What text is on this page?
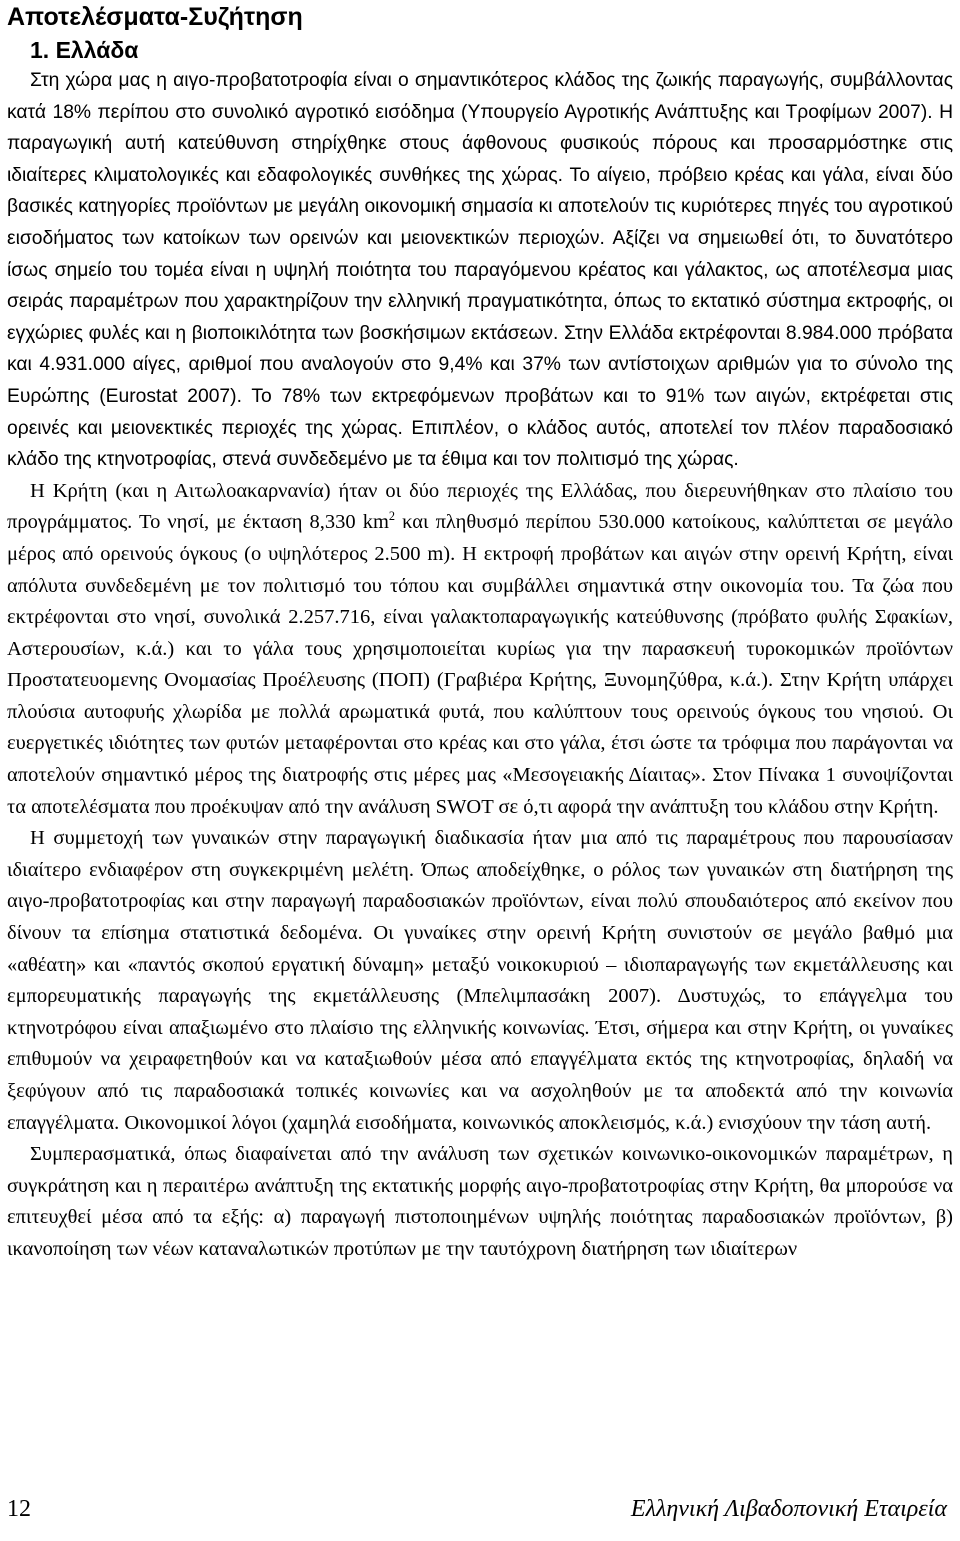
Αποτελέσματα-Συζήτηση
1. Ελλάδα

Στη χώρα μας η αιγο-προβατοτροφία είναι ο σημαντικότερος κλάδος της ζωικής παραγωγής, συμβάλλοντας κατά 18% περίπου στο συνολικό αγροτικό εισόδημα (Υπουργείο Αγροτικής Ανάπτυξης και Τροφίμων 2007). Η παραγωγική αυτή κατεύθυνση στηρίχθηκε στους άφθονους φυσικούς πόρους και προσαρμόστηκε στις ιδιαίτερες κλιματολογικές και εδαφολογικές συνθήκες της χώρας. Το αίγειο, πρόβειο κρέας και γάλα, είναι δύο βασικές κατηγορίες προϊόντων με μεγάλη οικονομική σημασία κι αποτελούν τις κυριότερες πηγές του αγροτικού εισοδήματος των κατοίκων των ορεινών και μειονεκτικών περιοχών. Αξίζει να σημειωθεί ότι, το δυνατότερο ίσως σημείο του τομέα είναι η υψηλή ποιότητα του παραγόμενου κρέατος και γάλακτος, ως αποτέλεσμα μιας σειράς παραμέτρων που χαρακτηρίζουν την ελληνική πραγματικότητα, όπως το εκτατικό σύστημα εκτροφής, οι εγχώριες φυλές και η βιοποικιλότητα των βοσκήσιμων εκτάσεων. Στην Ελλάδα εκτρέφονται 8.984.000 πρόβατα και 4.931.000 αίγες, αριθμοί που αναλογούν στο 9,4% και 37% των αντίστοιχων αριθμών για το σύνολο της Ευρώπης (Eurostat 2007). Το 78% των εκτρεφόμενων προβάτων και το 91% των αιγών, εκτρέφεται στις ορεινές και μειονεκτικές περιοχές της χώρας. Επιπλέον, ο κλάδος αυτός, αποτελεί τον πλέον παραδοσιακό κλάδο της κτηνοτροφίας, στενά συνδεδεμένο με τα έθιμα και τον πολιτισμό της χώρας.

Η Κρήτη (και η Αιτωλοακαρνανία) ήταν οι δύο περιοχές της Ελλάδας, που διερευνήθηκαν στο πλαίσιο του προγράμματος. Το νησί, με έκταση 8,330 $km^2$ και πληθυσμό περίπου 530.000 κατοίκους, καλύπτεται σε μεγάλο μέρος από ορεινούς όγκους (ο υψηλότερος 2.500 m). Η εκτροφή προβάτων και αιγών στην ορεινή Κρήτη, είναι απόλυτα συνδεδεμένη με τον πολιτισμό του τόπου και συμβάλλει σημαντικά στην οικονομία του. Τα ζώα που εκτρέφονται στο νησί, συνολικά 2.257.716, είναι γαλακτοπαραγωγικής κατεύθυνσης (πρόβατο φυλής Σφακίων, Αστερουσίων, κ.ά.) και το γάλα τους χρησιμοποιείται κυρίως για την παρασκευή τυροκομικών προϊόντων Προστατευομενης Ονομασίας Προέλευσης (ΠΟΠ) (Γραβιέρα Κρήτης, Ξυνομηζύθρα, κ.ά.). Στην Κρήτη υπάρχει πλούσια αυτοφυής χλωρίδα με πολλά αρωματικά φυτά, που καλύπτουν τους ορεινούς όγκους του νησιού. Οι ευεργετικές ιδιότητες των φυτών μεταφέρονται στο κρέας και στο γάλα, έτσι ώστε τα τρόφιμα που παράγονται να αποτελούν σημαντικό μέρος της διατροφής στις μέρες μας «Μεσογειακής Δίαιτας». Στον Πίνακα 1 συνοψίζονται τα αποτελέσματα που προέκυψαν από την ανάλυση SWOT σε ό,τι αφορά την ανάπτυξη του κλάδου στην Κρήτη.

Η συμμετοχή των γυναικών στην παραγωγική διαδικασία ήταν μια από τις παραμέτρους που παρουσίασαν ιδιαίτερο ενδιαφέρον στη συγκεκριμένη μελέτη. Όπως αποδείχθηκε, ο ρόλος των γυναικών στη διατήρηση της αιγο-προβατοτροφίας και στην παραγωγή παραδοσιακών προϊόντων, είναι πολύ σπουδαιότερος από εκείνον που δίνουν τα επίσημα στατιστικά δεδομένα. Οι γυναίκες στην ορεινή Κρήτη συνιστούν σε μεγάλο βαθμό μια «αθέατη» και «παντός σκοπού εργατική δύναμη» μεταξύ νοικοκυριού – ιδιοπαραγωγής των εκμετάλλευσης και εμπορευματικής παραγωγής της εκμετάλλευσης (Μπελιμπασάκη 2007). Δυστυχώς, το επάγγελμα του κτηνοτρόφου είναι απαξιωμένο στο πλαίσιο της ελληνικής κοινωνίας. Έτσι, σήμερα και στην Κρήτη, οι γυναίκες επιθυμούν να χειραφετηθούν και να καταξιωθούν μέσα από επαγγέλματα εκτός της κτηνοτροφίας, δηλαδή να ξεφύγουν από τις παραδοσιακά τοπικές κοινωνίες και να ασχοληθούν με τα αποδεκτά από την κοινωνία επαγγέλματα. Οικονομικοί λόγοι (χαμηλά εισοδήματα, κοινωνικός αποκλεισμός, κ.ά.) ενισχύουν την τάση αυτή.

Συμπερασματικά, όπως διαφαίνεται από την ανάλυση των σχετικών κοινωνικο-οικονομικών παραμέτρων, η συγκράτηση και η περαιτέρω ανάπτυξη της εκτατικής μορφής αιγο-προβατοτροφίας στην Κρήτη, θα μπορούσε να επιτευχθεί μέσα από τα εξής: α) παραγωγή πιστοποιημένων υψηλής ποιότητας παραδοσιακών προϊόντων, β) ικανοποίηση των νέων καταναλωτικών προτύπων με την ταυτόχρονη διατήρηση των ιδιαίτερων

12	Ελληνική Λιβαδοπονική Εταιρεία
